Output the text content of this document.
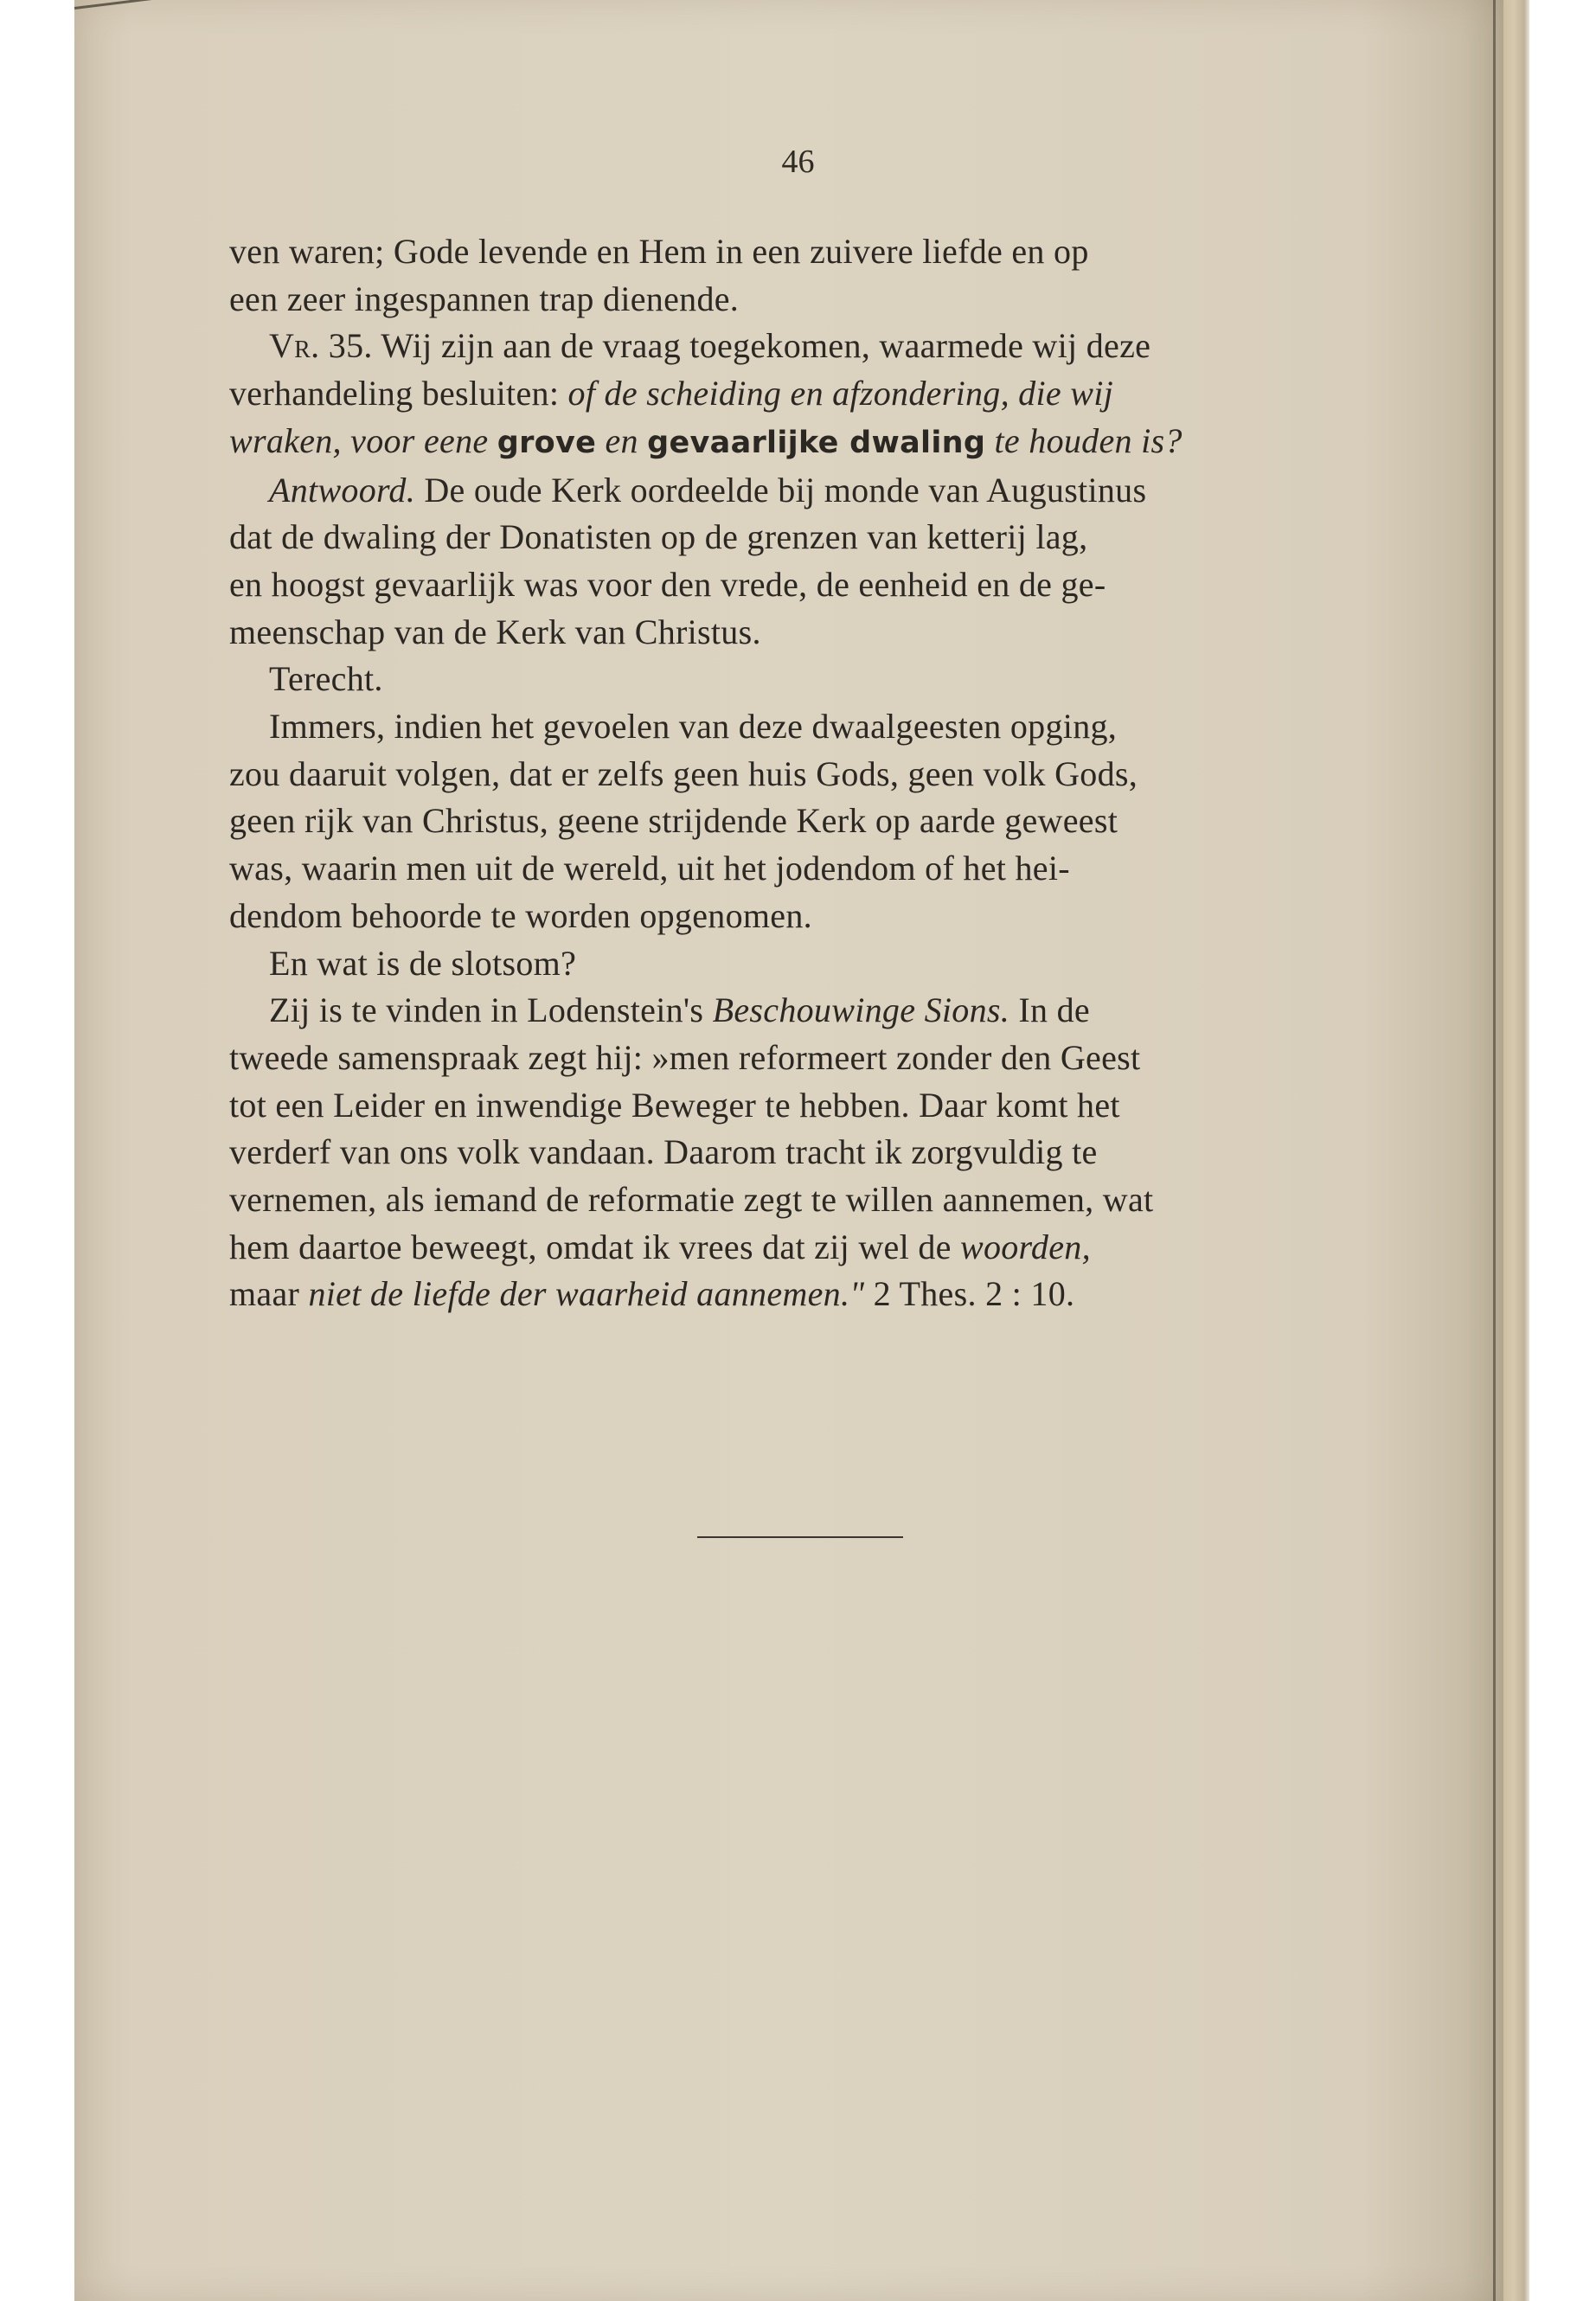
46

ven waren; Gode levende en Hem in een zuivere liefde en op

een zeer ingespannen trap dienende.

Vr. 35. Wij zijn aan de vraag toegekomen, waarmede wij deze

verhandeling besluiten: of de scheiding en afzondering, die wij

wraken, voor eene grove en gevaarlijke dwaling te houden is?

Antwoord. De oude Kerk oordeelde bij monde van Augustinus

dat de dwaling der Donatisten op de grenzen van ketterij lag,

en hoogst gevaarlijk was voor den vrede, de eenheid en de ge-

meenschap van de Kerk van Christus.

Terecht.

Immers, indien het gevoelen van deze dwaalgeesten opging,

zou daaruit volgen, dat er zelfs geen huis Gods, geen volk Gods,

geen rijk van Christus, geene strijdende Kerk op aarde geweest

was, waarin men uit de wereld, uit het jodendom of het hei-

dendom behoorde te worden opgenomen.

En wat is de slotsom?

Zij is te vinden in Lodenstein's Beschouwinge Sions. In de

tweede samenspraak zegt hij: »men reformeert zonder den Geest

tot een Leider en inwendige Beweger te hebben. Daar komt het

verderf van ons volk vandaan. Daarom tracht ik zorgvuldig te

vernemen, als iemand de reformatie zegt te willen aannemen, wat

hem daartoe beweegt, omdat ik vrees dat zij wel de woorden,

maar niet de liefde der waarheid aannemen." 2 Thes. 2 : 10.
